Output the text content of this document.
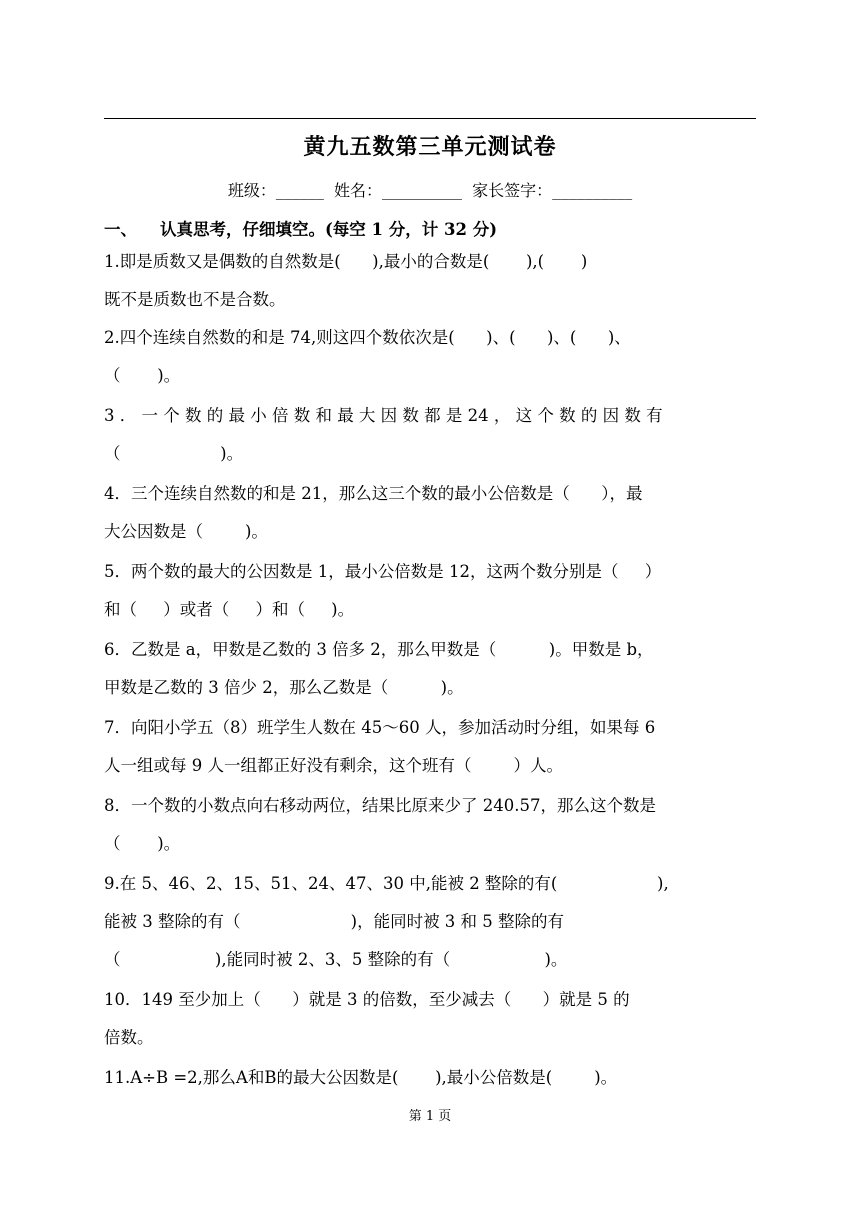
黄九五数第三单元测试卷
班级：______  姓名：__________  家长签字：__________
一、    认真思考，仔细填空。(每空 1 分，计 32 分)
1.即是质数又是偶数的自然数是(      ),最小的合数是(       ),(       )
既不是质数也不是合数。
2.四个连续自然数的和是 74,则这四个数依次是(      )、(      )、(      )、
（       )。
3 ． 一 个 数 的 最 小 倍 数 和 最 大 因 数 都 是 24 ， 这 个 数 的 因 数 有
（                   )。
4．三个连续自然数的和是 21，那么这三个数的最小公倍数是（      ），最
大公因数是（        )。
5．两个数的最大的公因数是 1，最小公倍数是 12，这两个数分别是（     ）
和（     ）或者（     ）和（     )。
6．乙数是 a，甲数是乙数的 3 倍多 2，那么甲数是（          )。甲数是 b，
甲数是乙数的 3 倍少 2，那么乙数是（          )。
7．向阳小学五（8）班学生人数在 45～60 人，参加活动时分组，如果每 6
人一组或每 9 人一组都正好没有剩余，这个班有（        ）人。
8．一个数的小数点向右移动两位，结果比原来少了 240.57，那么这个数是
（       )。
9.在 5、46、2、15、51、24、47、30 中,能被 2 整除的有(                   ),
能被 3 整除的有（                     )，能同时被 3 和 5 整除的有
（                  ),能同时被 2、3、5 整除的有（                  )。
10．149 至少加上（      ）就是 3 的倍数，至少减去（      ）就是 5 的
倍数。
11.A÷B =2,那么A和B的最大公因数是(       ),最小公倍数是(        )。
第 1 页
